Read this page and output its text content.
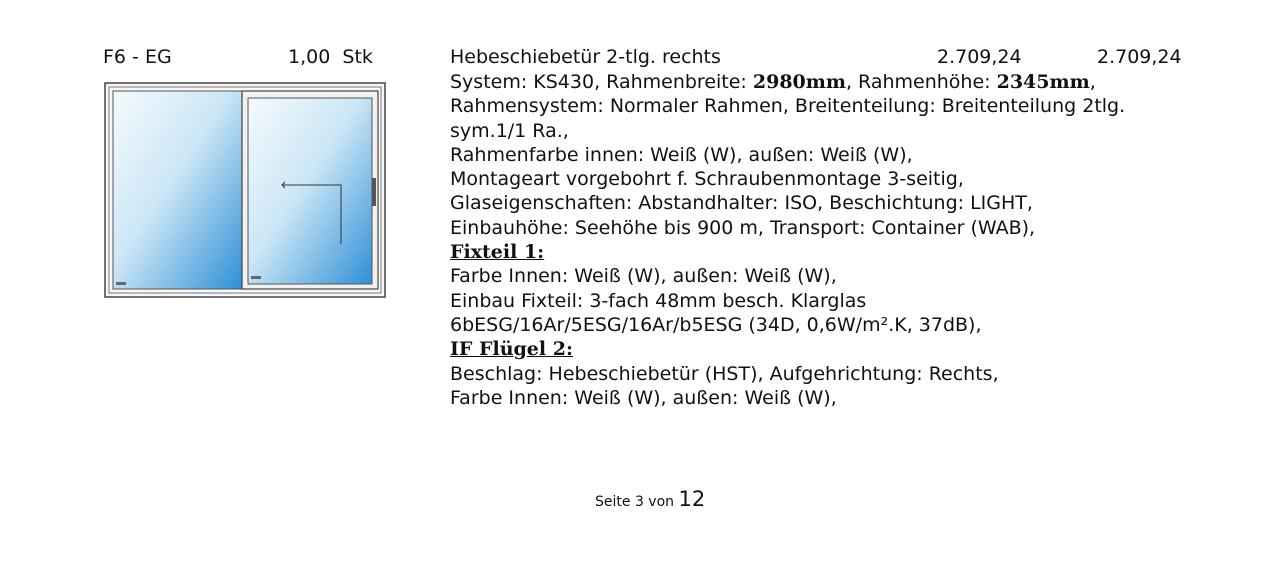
F6 - EG	1,00 Stk	Hebeschiebetür 2-tlg. rechts	2.709,24	2.709,24
System: KS430, Rahmenbreite: 2980mm, Rahmenhöhe: 2345mm,
Rahmensystem: Normaler Rahmen, Breitenteilung: Breitenteilung 2tlg.
sym.1/1 Ra.,
Rahmenfarbe innen: Weiß (W), außen: Weiß (W),
Montageart vorgebohrt f. Schraubenmontage 3-seitig,
Glaseigenschaften: Abstandhalter: ISO, Beschichtung: LIGHT,
Einbauhöhe: Seehöhe bis 900 m, Transport: Container (WAB),
Fixteil 1:
Farbe Innen: Weiß (W), außen: Weiß (W),
Einbau Fixteil: 3-fach 48mm besch. Klarglas
6bESG/16Ar/5ESG/16Ar/b5ESG (34D, 0,6W/m².K, 37dB),
IF Flügel 2:
Beschlag: Hebeschiebetür (HST), Aufgehrichtung: Rechts,
Farbe Innen: Weiß (W), außen: Weiß (W),
Seite 3 von 12
